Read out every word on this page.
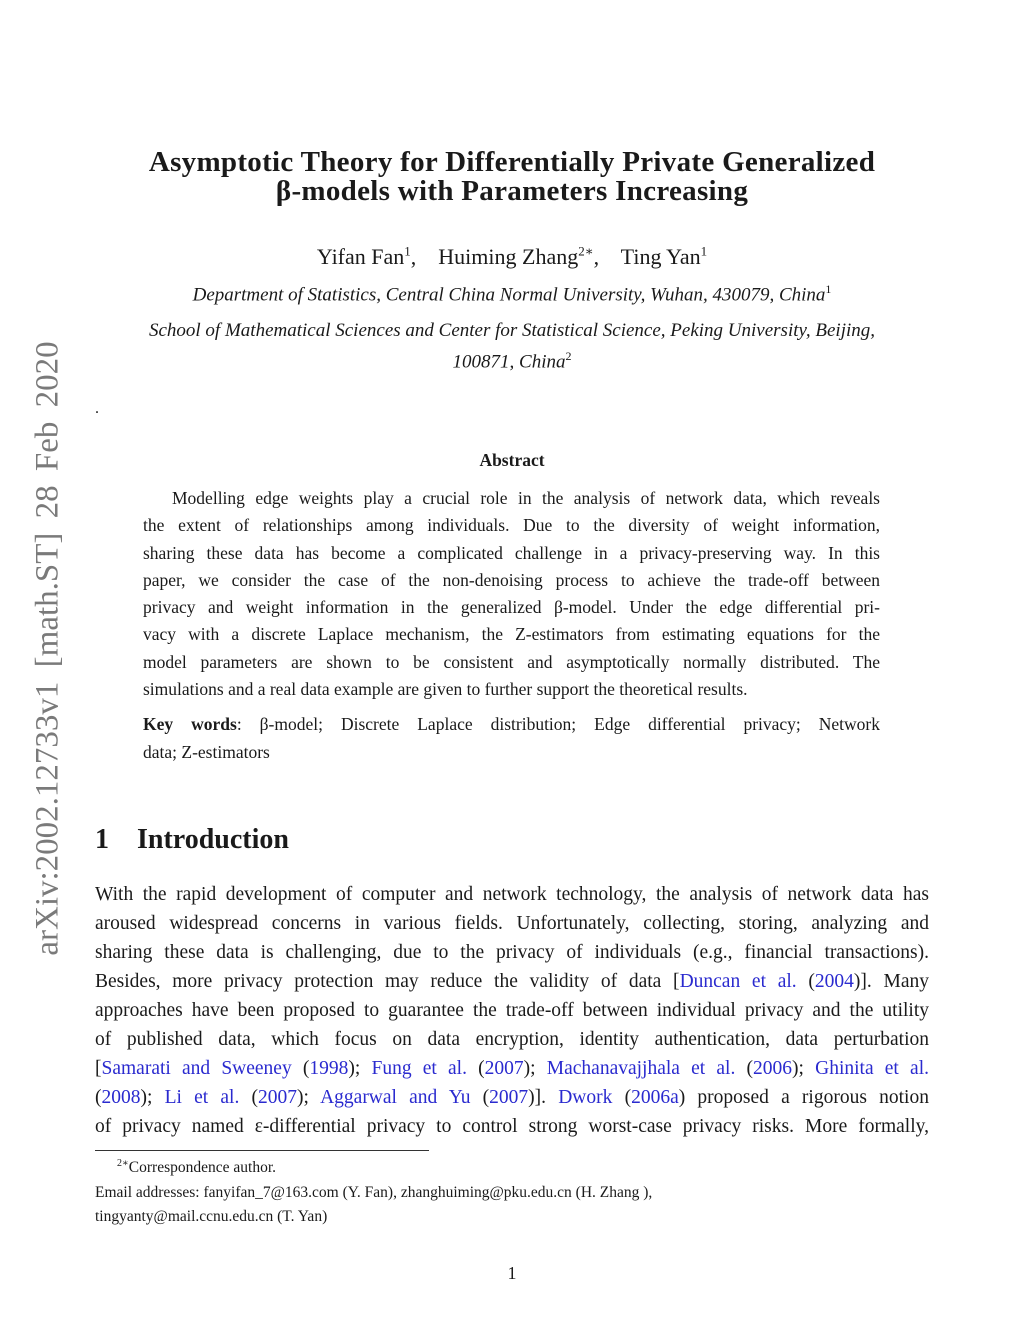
arXiv:2002.12733v1 [math.ST] 28 Feb 2020
Asymptotic Theory for Differentially Private Generalized
β-models with Parameters Increasing
Yifan Fan$^1$,    Huiming Zhang$^{2∗}$,    Ting Yan$^1$
Department of Statistics, Central China Normal University, Wuhan, 430079, China$^1$
School of Mathematical Sciences and Center for Statistical Science, Peking University, Beijing,
100871, China$^2$
.
Abstract
Modelling edge weights play a crucial role in the analysis of network data, which reveals
the extent of relationships among individuals. Due to the diversity of weight information,
sharing these data has become a complicated challenge in a privacy-preserving way. In this
paper, we consider the case of the non-denoising process to achieve the trade-off between
privacy and weight information in the generalized β-model. Under the edge differential pri-
vacy with a discrete Laplace mechanism, the Z-estimators from estimating equations for the
model parameters are shown to be consistent and asymptotically normally distributed. The
simulations and a real data example are given to further support the theoretical results.
Key words: β-model; Discrete Laplace distribution; Edge differential privacy; Network
data; Z-estimators
1 Introduction
With the rapid development of computer and network technology, the analysis of network data has
aroused widespread concerns in various fields. Unfortunately, collecting, storing, analyzing and
sharing these data is challenging, due to the privacy of individuals (e.g., financial transactions).
Besides, more privacy protection may reduce the validity of data [Duncan et al. (2004)]. Many
approaches have been proposed to guarantee the trade-off between individual privacy and the utility
of published data, which focus on data encryption, identity authentication, data perturbation
[Samarati and Sweeney (1998); Fung et al. (2007); Machanavajjhala et al. (2006); Ghinita et al.
(2008); Li et al. (2007); Aggarwal and Yu (2007)]. Dwork (2006a) proposed a rigorous notion
of privacy named ε-differential privacy to control strong worst-case privacy risks. More formally,
$^{2∗}$Correspondence author.
Email addresses: fanyifan_7@163.com (Y. Fan), zhanghuiming@pku.edu.cn (H. Zhang ),
tingyanty@mail.ccnu.edu.cn (T. Yan)
1
